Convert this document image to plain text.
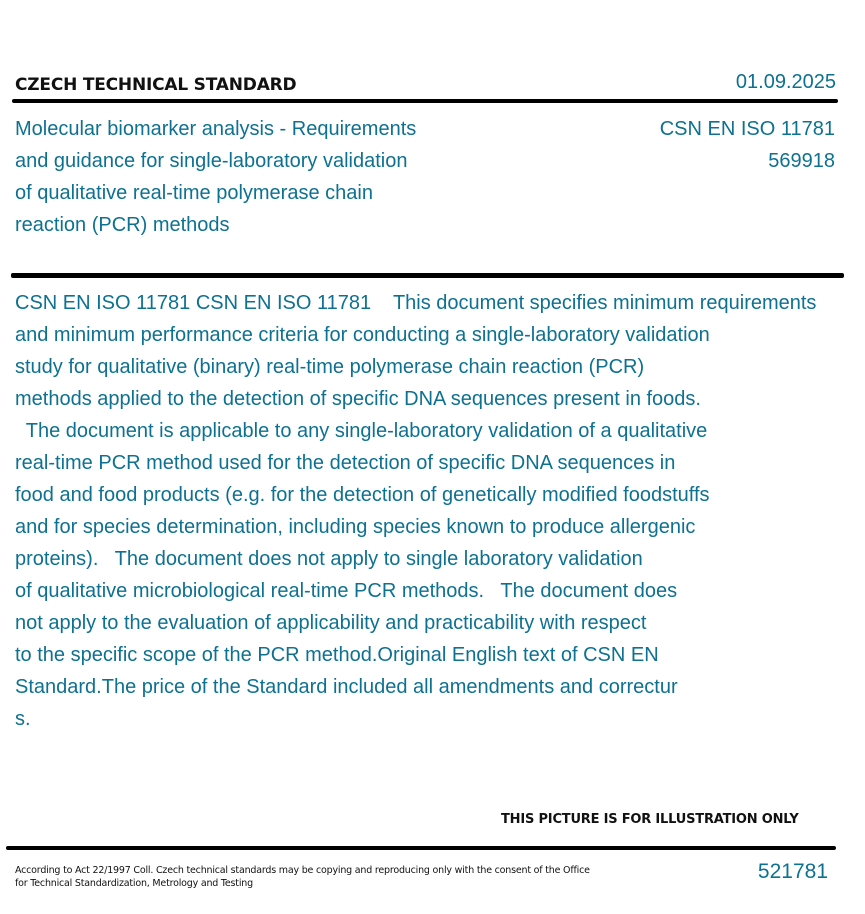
CZECH TECHNICAL STANDARD	01.09.2025
Molecular biomarker analysis - Requirements
and guidance for single-laboratory validation
of qualitative real-time polymerase chain
reaction (PCR) methods
CSN EN ISO 11781
569918
CSN EN ISO 11781 CSN EN ISO 11781    This document specifies minimum requirements
and minimum performance criteria for conducting a single-laboratory validation
study for qualitative (binary) real-time polymerase chain reaction (PCR)
methods applied to the detection of specific DNA sequences present in foods.
The document is applicable to any single-laboratory validation of a qualitative
real-time PCR method used for the detection of specific DNA sequences in
food and food products (e.g. for the detection of genetically modified foodstuffs
and for species determination, including species known to produce allergenic
proteins).   The document does not apply to single laboratory validation
of qualitative microbiological real-time PCR methods.   The document does
not apply to the evaluation of applicability and practicability with respect
to the specific scope of the PCR method.Original English text of CSN EN
Standard.The price of the Standard included all amendments and correctur
s.
THIS PICTURE IS FOR ILLUSTRATION ONLY
According to Act 22/1997 Coll. Czech technical standards may be copying and reproducing only with the consent of the Office
for Technical Standardization, Metrology and Testing
521781
